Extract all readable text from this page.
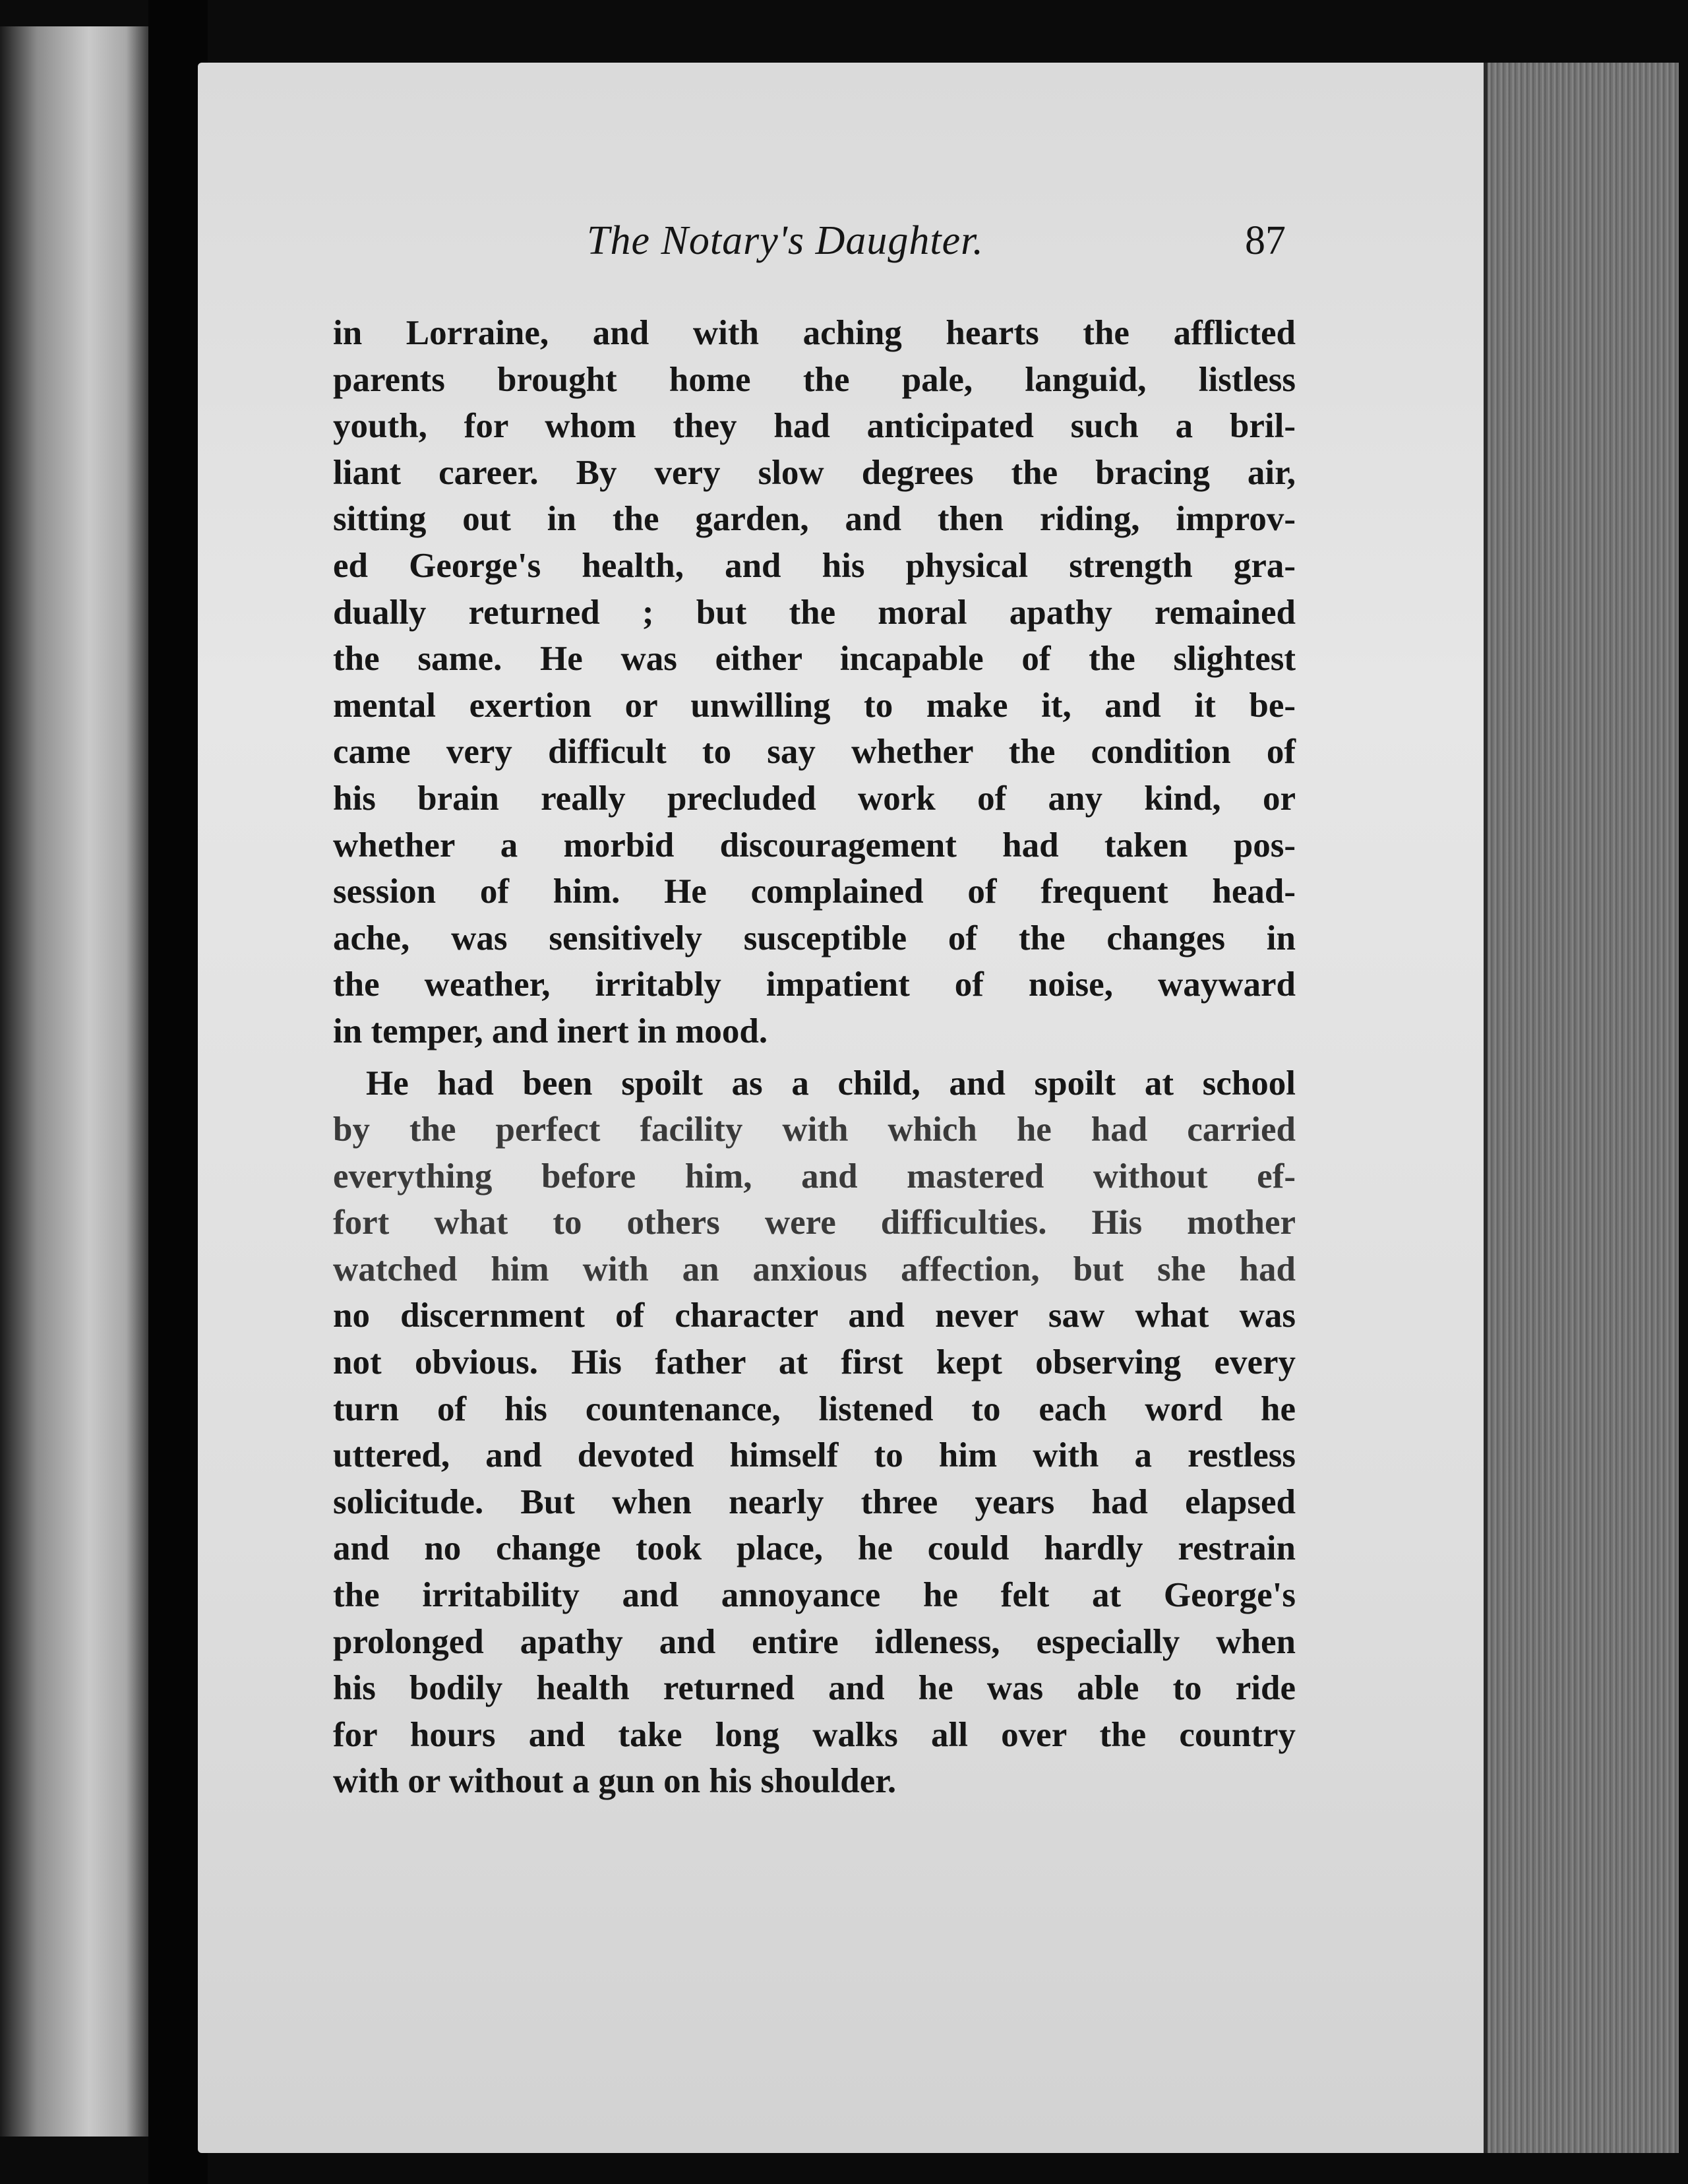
The Notary's Daughter.	87
in Lorraine, and with aching hearts the afflicted
parents brought home the pale, languid, listless
youth, for whom they had anticipated such a bril-
liant career. By very slow degrees the bracing air,
sitting out in the garden, and then riding, improv-
ed George's health, and his physical strength gra-
dually returned ; but the moral apathy remained
the same. He was either incapable of the slightest
mental exertion or unwilling to make it, and it be-
came very difficult to say whether the condition of
his brain really precluded work of any kind, or
whether a morbid discouragement had taken pos-
session of him. He complained of frequent head-
ache, was sensitively susceptible of the changes in
the weather, irritably impatient of noise, wayward
in temper, and inert in mood.
He had been spoilt as a child, and spoilt at school
by the perfect facility with which he had carried
everything before him, and mastered without ef-
fort what to others were difficulties. His mother
watched him with an anxious affection, but she had
no discernment of character and never saw what was
not obvious. His father at first kept observing every
turn of his countenance, listened to each word he
uttered, and devoted himself to him with a restless
solicitude. But when nearly three years had elapsed
and no change took place, he could hardly restrain
the irritability and annoyance he felt at George's
prolonged apathy and entire idleness, especially when
his bodily health returned and he was able to ride
for hours and take long walks all over the country
with or without a gun on his shoulder.
